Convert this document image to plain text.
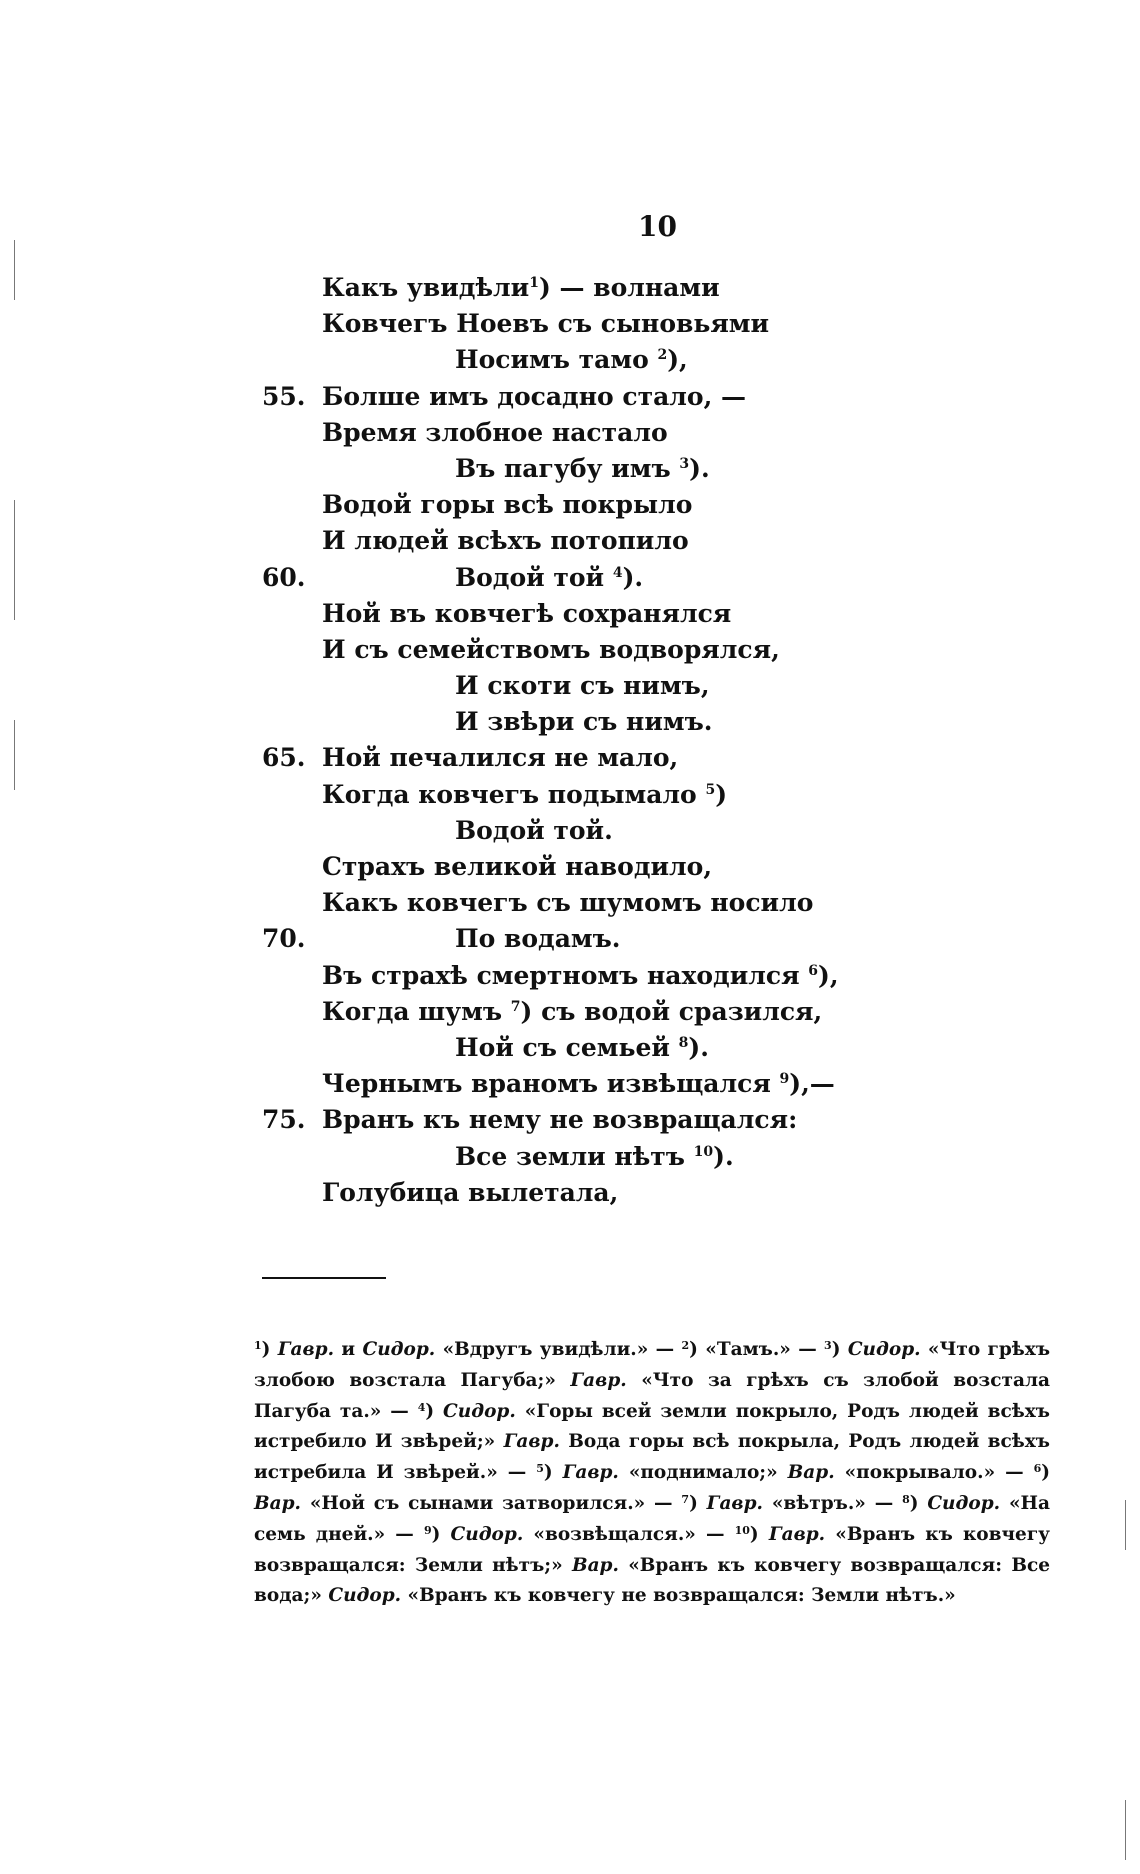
10
Какъ увидѣли$^1$) — волнами
Ковчегъ Ноевъ съ сыновьями
Носимъ тамо $^2$),
55. Болше имъ досадно стало, —
Время злобное настало
Въ пагубу имъ $^3$).
Водой горы всѣ покрыло
И людей всѣхъ потопило
60.	Водой той $^4$).
Ной въ ковчегѣ сохранялся
И съ семействомъ водворялся,
И скоти съ нимъ,
И звѣри съ нимъ.
65. Ной печалился не мало,
Когда ковчегъ подымало $^5$)
Водой той.
Страхъ великой наводило,
Какъ ковчегъ съ шумомъ носило
70.	По водамъ.
Въ страхѣ смертномъ находился $^6$),
Когда шумъ $^7$) съ водой сразился,
Ной съ семьей $^8$).
Чернымъ враномъ извѣщался $^9$),—
75. Вранъ къ нему не возвращался:
Все земли нѣтъ $^{10}$).
Голубица вылетала,
$^1$) Гавр. и Сидор. «Вдругъ увидѣли.» — $^2$) «Тамъ.» — $^3$) Сидор. «Что грѣхъ злобою возстала Пагуба;» Гавр. «Что за грѣхъ съ злобой возстала Пагуба та.» — $^4$) Сидор. «Горы всей земли покрыло, Родъ людей всѣхъ истребило И звѣрей;» Гавр. Вода горы всѣ покрыла, Родъ людей всѣхъ истребила И звѣрей.» — $^5$) Гавр. «поднимало;» Вар. «покрывало.» — $^6$) Вар. «Ной съ сынами затворился.» — $^7$) Гавр. «вѣтръ.» — $^8$) Сидор. «На семь дней.» — $^9$) Сидор. «возвѣщался.» — $^{10}$) Гавр. «Вранъ къ ковчегу возвращался: Земли нѣтъ;» Вар. «Вранъ къ ковчегу возвращался: Все вода;» Сидор. «Вранъ къ ковчегу не возвращался: Земли нѣтъ.»
